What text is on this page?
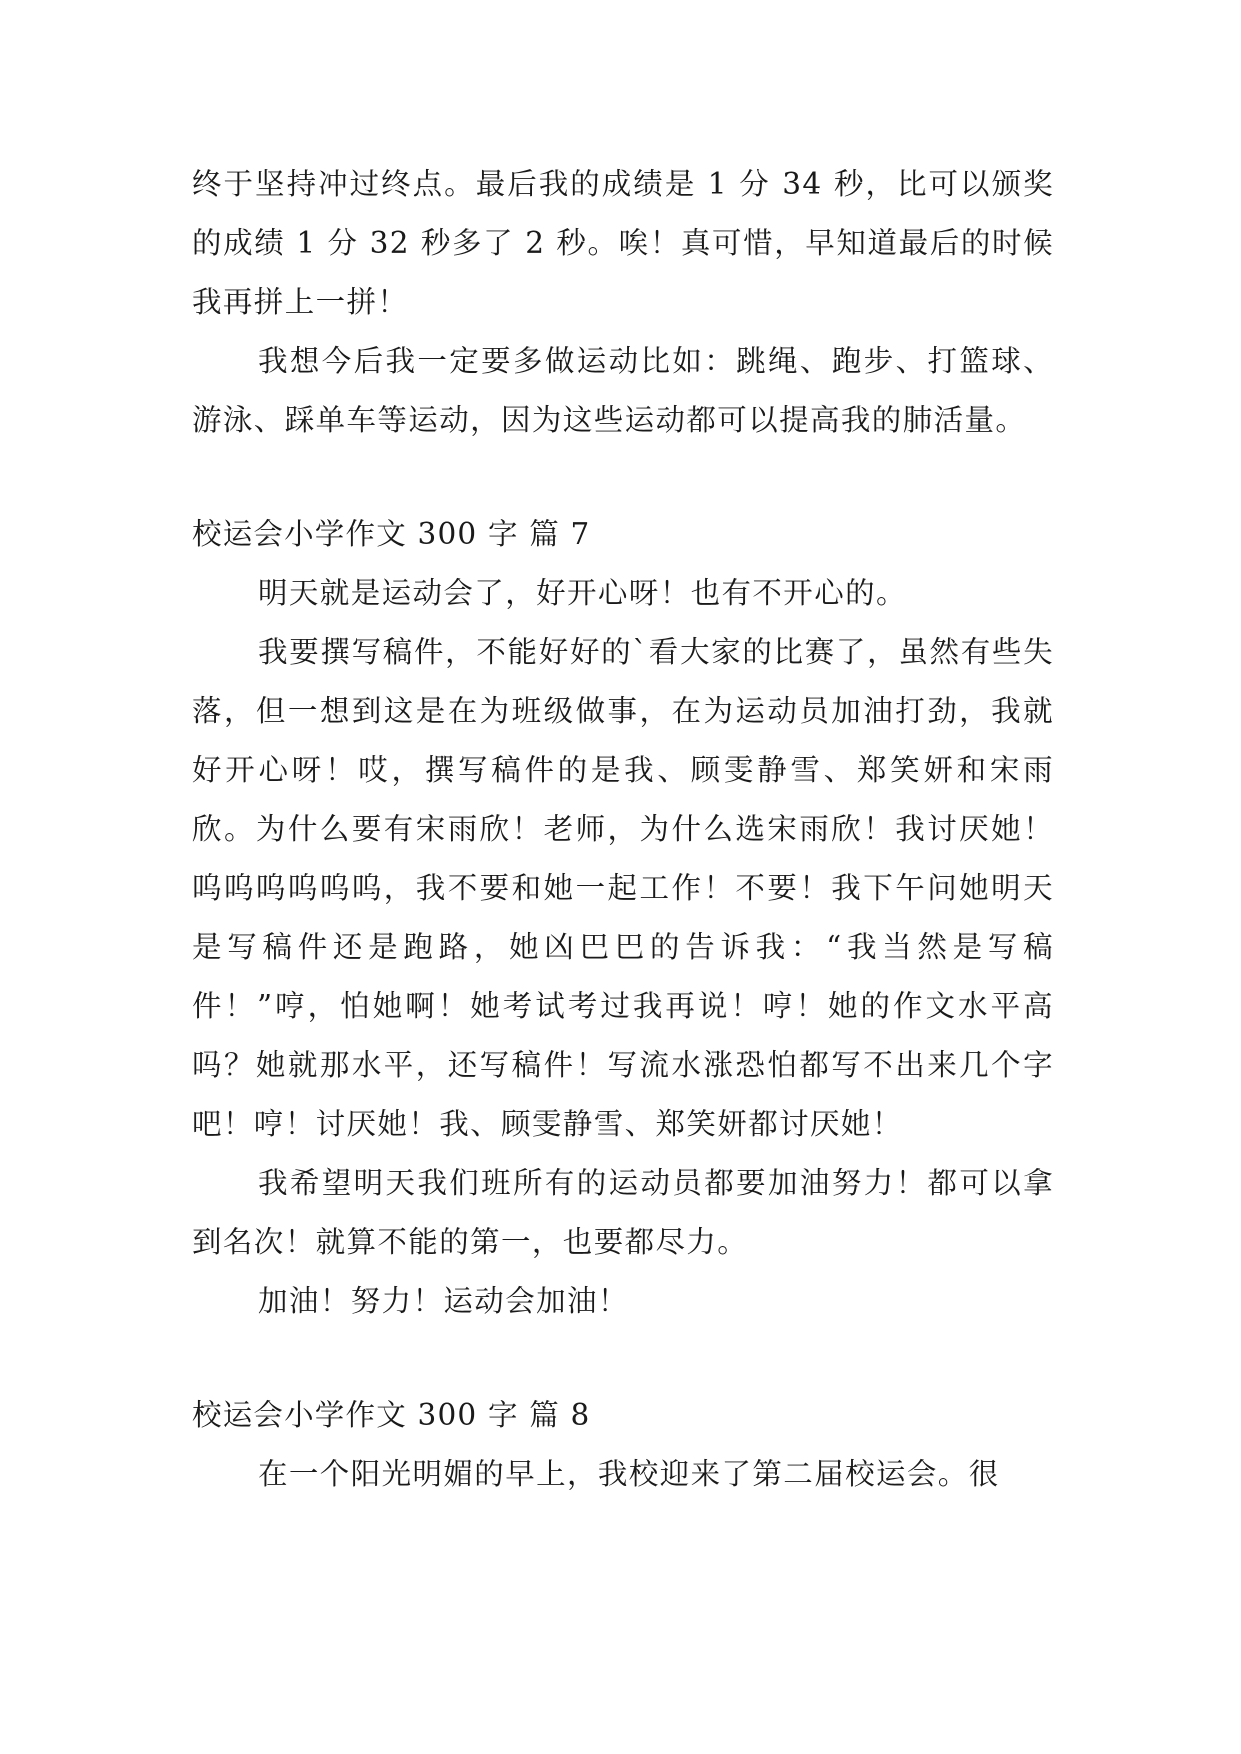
终于坚持冲过终点。最后我的成绩是 1 分 34 秒，比可以颁奖的成绩 1 分 32 秒多了 2 秒。唉！真可惜，早知道最后的时候我再拼上一拼！

我想今后我一定要多做运动比如：跳绳、跑步、打篮球、游泳、踩单车等运动，因为这些运动都可以提高我的肺活量。

校运会小学作文 300 字 篇 7

明天就是运动会了，好开心呀！也有不开心的。

我要撰写稿件，不能好好的`看大家的比赛了，虽然有些失落，但一想到这是在为班级做事，在为运动员加油打劲，我就好开心呀！哎，撰写稿件的是我、顾雯静雪、郑笑妍和宋雨欣。为什么要有宋雨欣！老师，为什么选宋雨欣！我讨厌她！呜呜呜呜呜呜，我不要和她一起工作！不要！我下午问她明天是写稿件还是跑路，她凶巴巴的告诉我：“我当然是写稿件！”哼，怕她啊！她考试考过我再说！哼！她的作文水平高吗？她就那水平，还写稿件！写流水涨恐怕都写不出来几个字吧！哼！讨厌她！我、顾雯静雪、郑笑妍都讨厌她！

我希望明天我们班所有的运动员都要加油努力！都可以拿到名次！就算不能的第一，也要都尽力。

加油！努力！运动会加油！

校运会小学作文 300 字 篇 8

在一个阳光明媚的早上，我校迎来了第二届校运会。很
